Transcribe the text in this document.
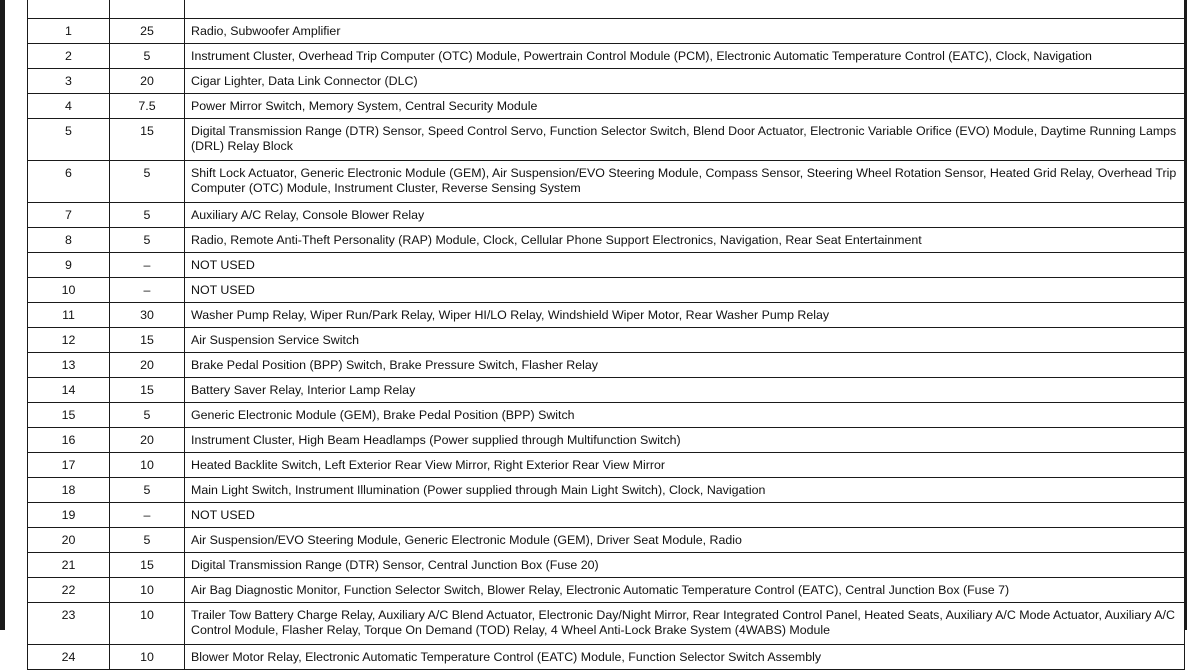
1	25	Radio, Subwoofer Amplifier
2	5	Instrument Cluster, Overhead Trip Computer (OTC) Module, Powertrain Control Module (PCM), Electronic Automatic Temperature Control (EATC), Clock, Navigation
3	20	Cigar Lighter, Data Link Connector (DLC)
4	7.5	Power Mirror Switch, Memory System, Central Security Module
5	15	Digital Transmission Range (DTR) Sensor, Speed Control Servo, Function Selector Switch, Blend Door Actuator, Electronic Variable Orifice (EVO) Module, Daytime Running Lamps (DRL) Relay Block
6	5	Shift Lock Actuator, Generic Electronic Module (GEM), Air Suspension/EVO Steering Module, Compass Sensor, Steering Wheel Rotation Sensor, Heated Grid Relay, Overhead Trip Computer (OTC) Module, Instrument Cluster, Reverse Sensing System
7	5	Auxiliary A/C Relay, Console Blower Relay
8	5	Radio, Remote Anti-Theft Personality (RAP) Module, Clock, Cellular Phone Support Electronics, Navigation, Rear Seat Entertainment
9	–	NOT USED
10	–	NOT USED
11	30	Washer Pump Relay, Wiper Run/Park Relay, Wiper HI/LO Relay, Windshield Wiper Motor, Rear Washer Pump Relay
12	15	Air Suspension Service Switch
13	20	Brake Pedal Position (BPP) Switch, Brake Pressure Switch, Flasher Relay
14	15	Battery Saver Relay, Interior Lamp Relay
15	5	Generic Electronic Module (GEM), Brake Pedal Position (BPP) Switch
16	20	Instrument Cluster, High Beam Headlamps (Power supplied through Multifunction Switch)
17	10	Heated Backlite Switch, Left Exterior Rear View Mirror, Right Exterior Rear View Mirror
18	5	Main Light Switch, Instrument Illumination (Power supplied through Main Light Switch), Clock, Navigation
19	–	NOT USED
20	5	Air Suspension/EVO Steering Module, Generic Electronic Module (GEM), Driver Seat Module, Radio
21	15	Digital Transmission Range (DTR) Sensor, Central Junction Box (Fuse 20)
22	10	Air Bag Diagnostic Monitor, Function Selector Switch, Blower Relay, Electronic Automatic Temperature Control (EATC), Central Junction Box (Fuse 7)
23	10	Trailer Tow Battery Charge Relay, Auxiliary A/C Blend Actuator, Electronic Day/Night Mirror, Rear Integrated Control Panel, Heated Seats, Auxiliary A/C Mode Actuator, Auxiliary A/C Control Module, Flasher Relay, Torque On Demand (TOD) Relay, 4 Wheel Anti-Lock Brake System (4WABS) Module
24	10	Blower Motor Relay, Electronic Automatic Temperature Control (EATC) Module, Function Selector Switch Assembly
